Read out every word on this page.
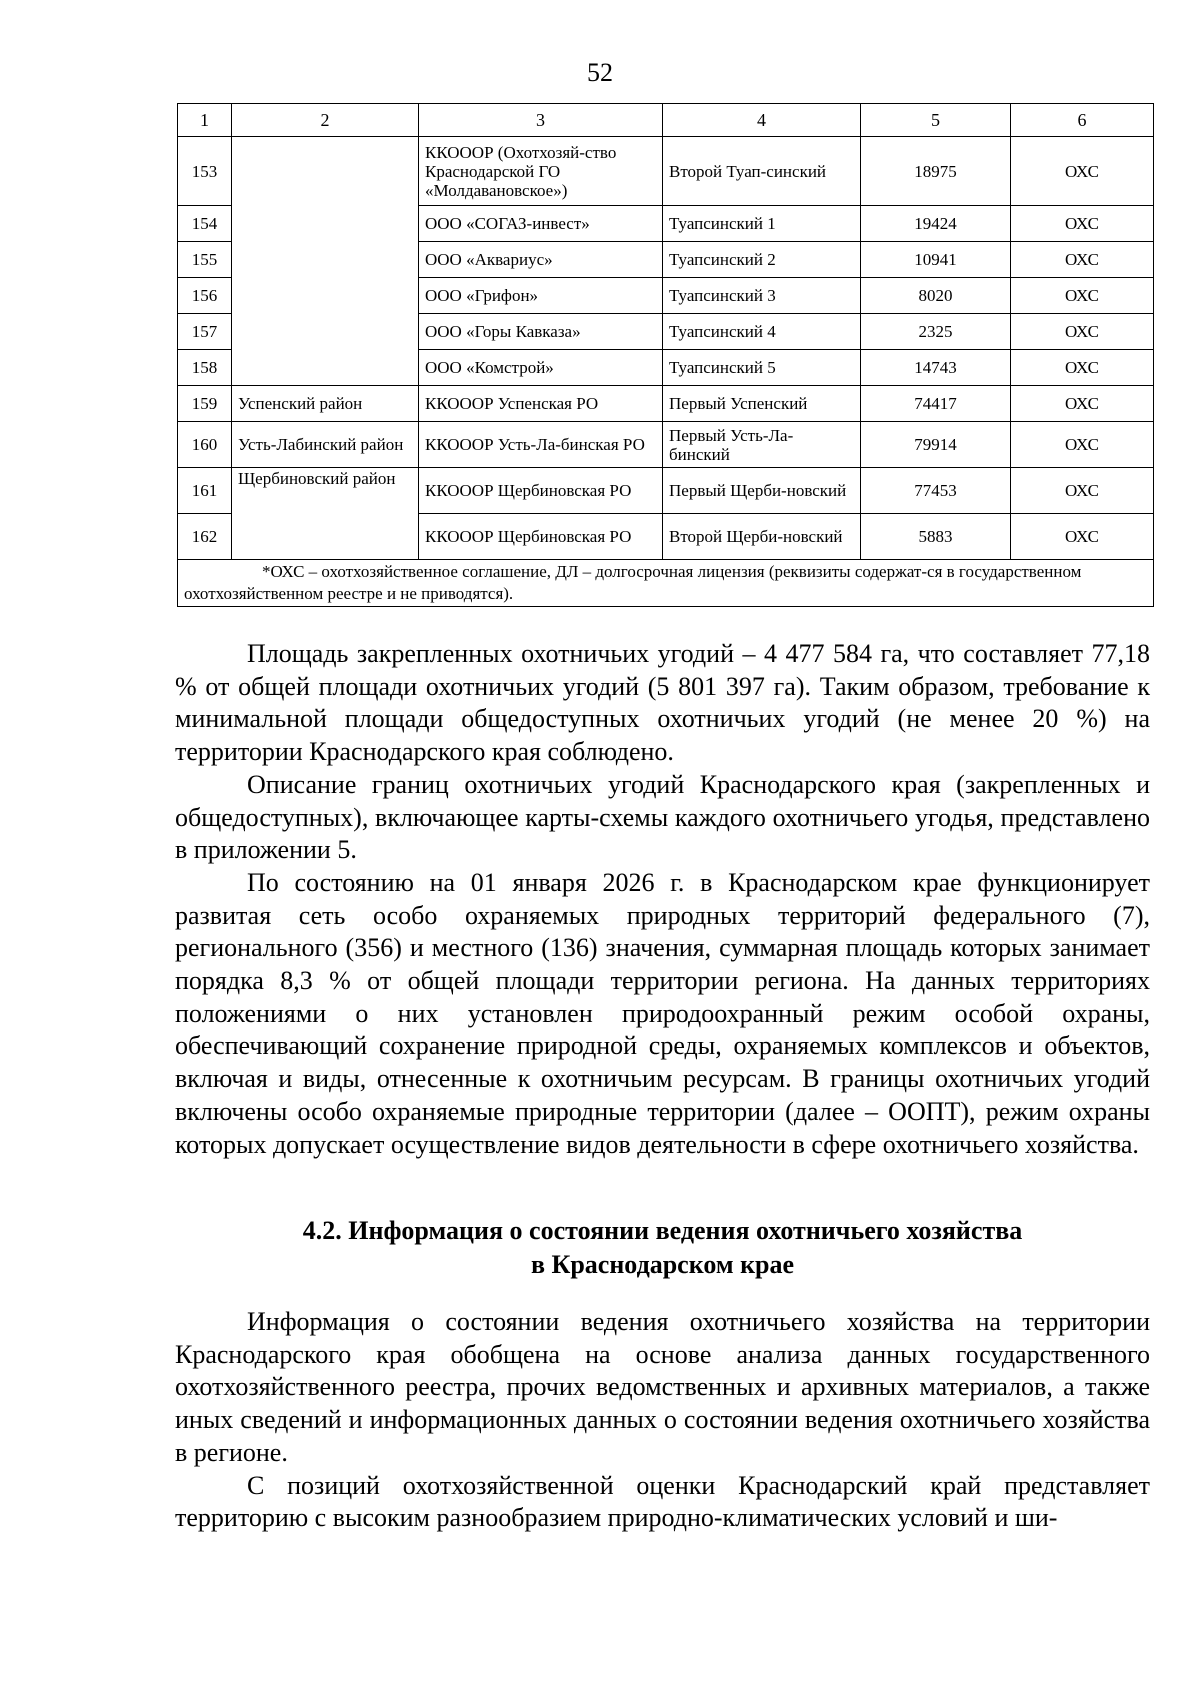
52
1	2	3	4	5	6
153		ККОООР (Охотхозяй-ство Краснодарской ГО «Молдавановское»)	Второй Туап-синский	18975	ОХС
154		ООО «СОГАЗ-инвест»	Туапсинский 1	19424	ОХС
155		ООО «Аквариус»	Туапсинский 2	10941	ОХС
156		ООО «Грифон»	Туапсинский 3	8020	ОХС
157		ООО «Горы Кавказа»	Туапсинский 4	2325	ОХС
158		ООО «Комстрой»	Туапсинский 5	14743	ОХС
159	Успенский район	ККОООР Успенская РО	Первый Успенский	74417	ОХС
160	Усть-Лабинский район	ККОООР Усть-Ла-бинская РО	Первый Усть-Ла-бинский	79914	ОХС
161	Щербиновский район	ККОООР Щербиновская РО	Первый Щерби-новский	77453	ОХС
162		ККОООР Щербиновская РО	Второй Щерби-новский	5883	ОХС
*ОХС – охотхозяйственное соглашение, ДЛ – долгосрочная лицензия (реквизиты содержат-ся в государственном охотхозяйственном реестре и не приводятся).					

Площадь закрепленных охотничьих угодий – 4 477 584 га, что составляет 77,18 % от общей площади охотничьих угодий (5 801 397 га). Таким образом, требование к минимальной площади общедоступных охотничьих угодий (не менее 20 %) на территории Краснодарского края соблюдено.

Описание границ охотничьих угодий Краснодарского края (закрепленных и общедоступных), включающее карты-схемы каждого охотничьего угодья, представлено в приложении 5.

По состоянию на 01 января 2026 г. в Краснодарском крае функционирует развитая сеть особо охраняемых природных территорий федерального (7), регионального (356) и местного (136) значения, суммарная площадь которых занимает порядка 8,3 % от общей площади территории региона. На данных территориях положениями о них установлен природоохранный режим особой охраны, обеспечивающий сохранение природной среды, охраняемых комплексов и объектов, включая и виды, отнесенные к охотничьим ресурсам. В границы охотничьих угодий включены особо охраняемые природные территории (далее – ООПТ), режим охраны которых допускает осуществление видов деятельности в сфере охотничьего хозяйства.

4.2. Информация о состоянии ведения охотничьего хозяйства
в Краснодарском крае

Информация о состоянии ведения охотничьего хозяйства на территории Краснодарского края обобщена на основе анализа данных государственного охотхозяйственного реестра, прочих ведомственных и архивных материалов, а также иных сведений и информационных данных о состоянии ведения охотничьего хозяйства в регионе.

С позиций охотхозяйственной оценки Краснодарский край представляет территорию с высоким разнообразием природно-климатических условий и ши-
